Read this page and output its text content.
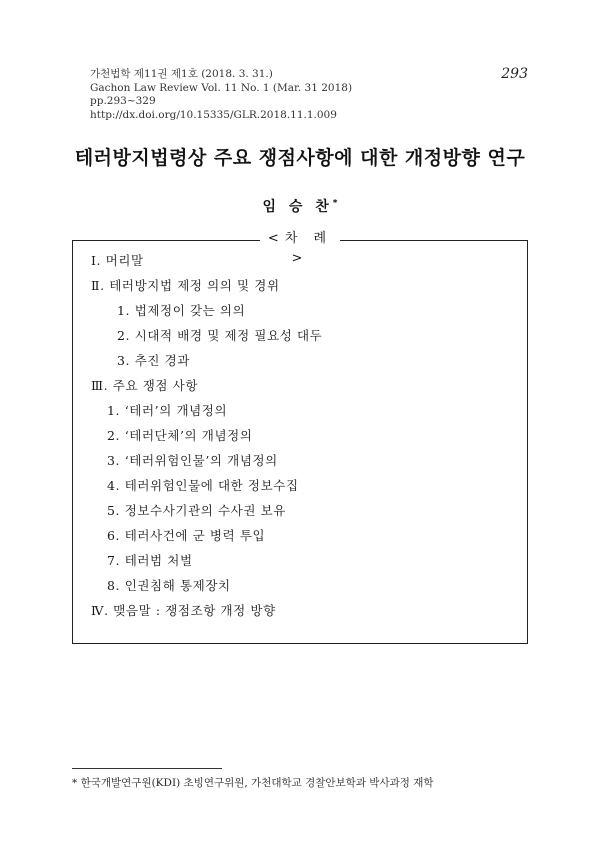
가천법학 제11권 제1호 (2018. 3. 31.)
Gachon Law Review Vol. 11 No. 1 (Mar. 31 2018)
pp.293~329
http://dx.doi.org/10.15335/GLR.2018.11.1.009
293
테러방지법령상 주요 쟁점사항에 대한 개정방향 연구
임 승 찬*
Ⅰ. 머리말
Ⅱ. 테러방지법 제정 의의 및 경위
1. 법제정이 갖는 의의
2. 시대적 배경 및 제정 필요성 대두
3. 추진 경과
Ⅲ. 주요 쟁점 사항
1. ‘테러’의 개념정의
2. ‘테러단체’의 개념정의
3. ‘테러위험인물’의 개념정의
4. 테러위험인물에 대한 정보수집
5. 정보수사기관의 수사권 보유
6. 테러사건에 군 병력 투입
7. 테러범 처벌
8. 인권침해 통제장치
Ⅳ. 맺음말 : 쟁점조항 개정 방향
<차 례>
* 한국개발연구원(KDI) 초빙연구위원, 가천대학교 경찰안보학과 박사과정 재학
